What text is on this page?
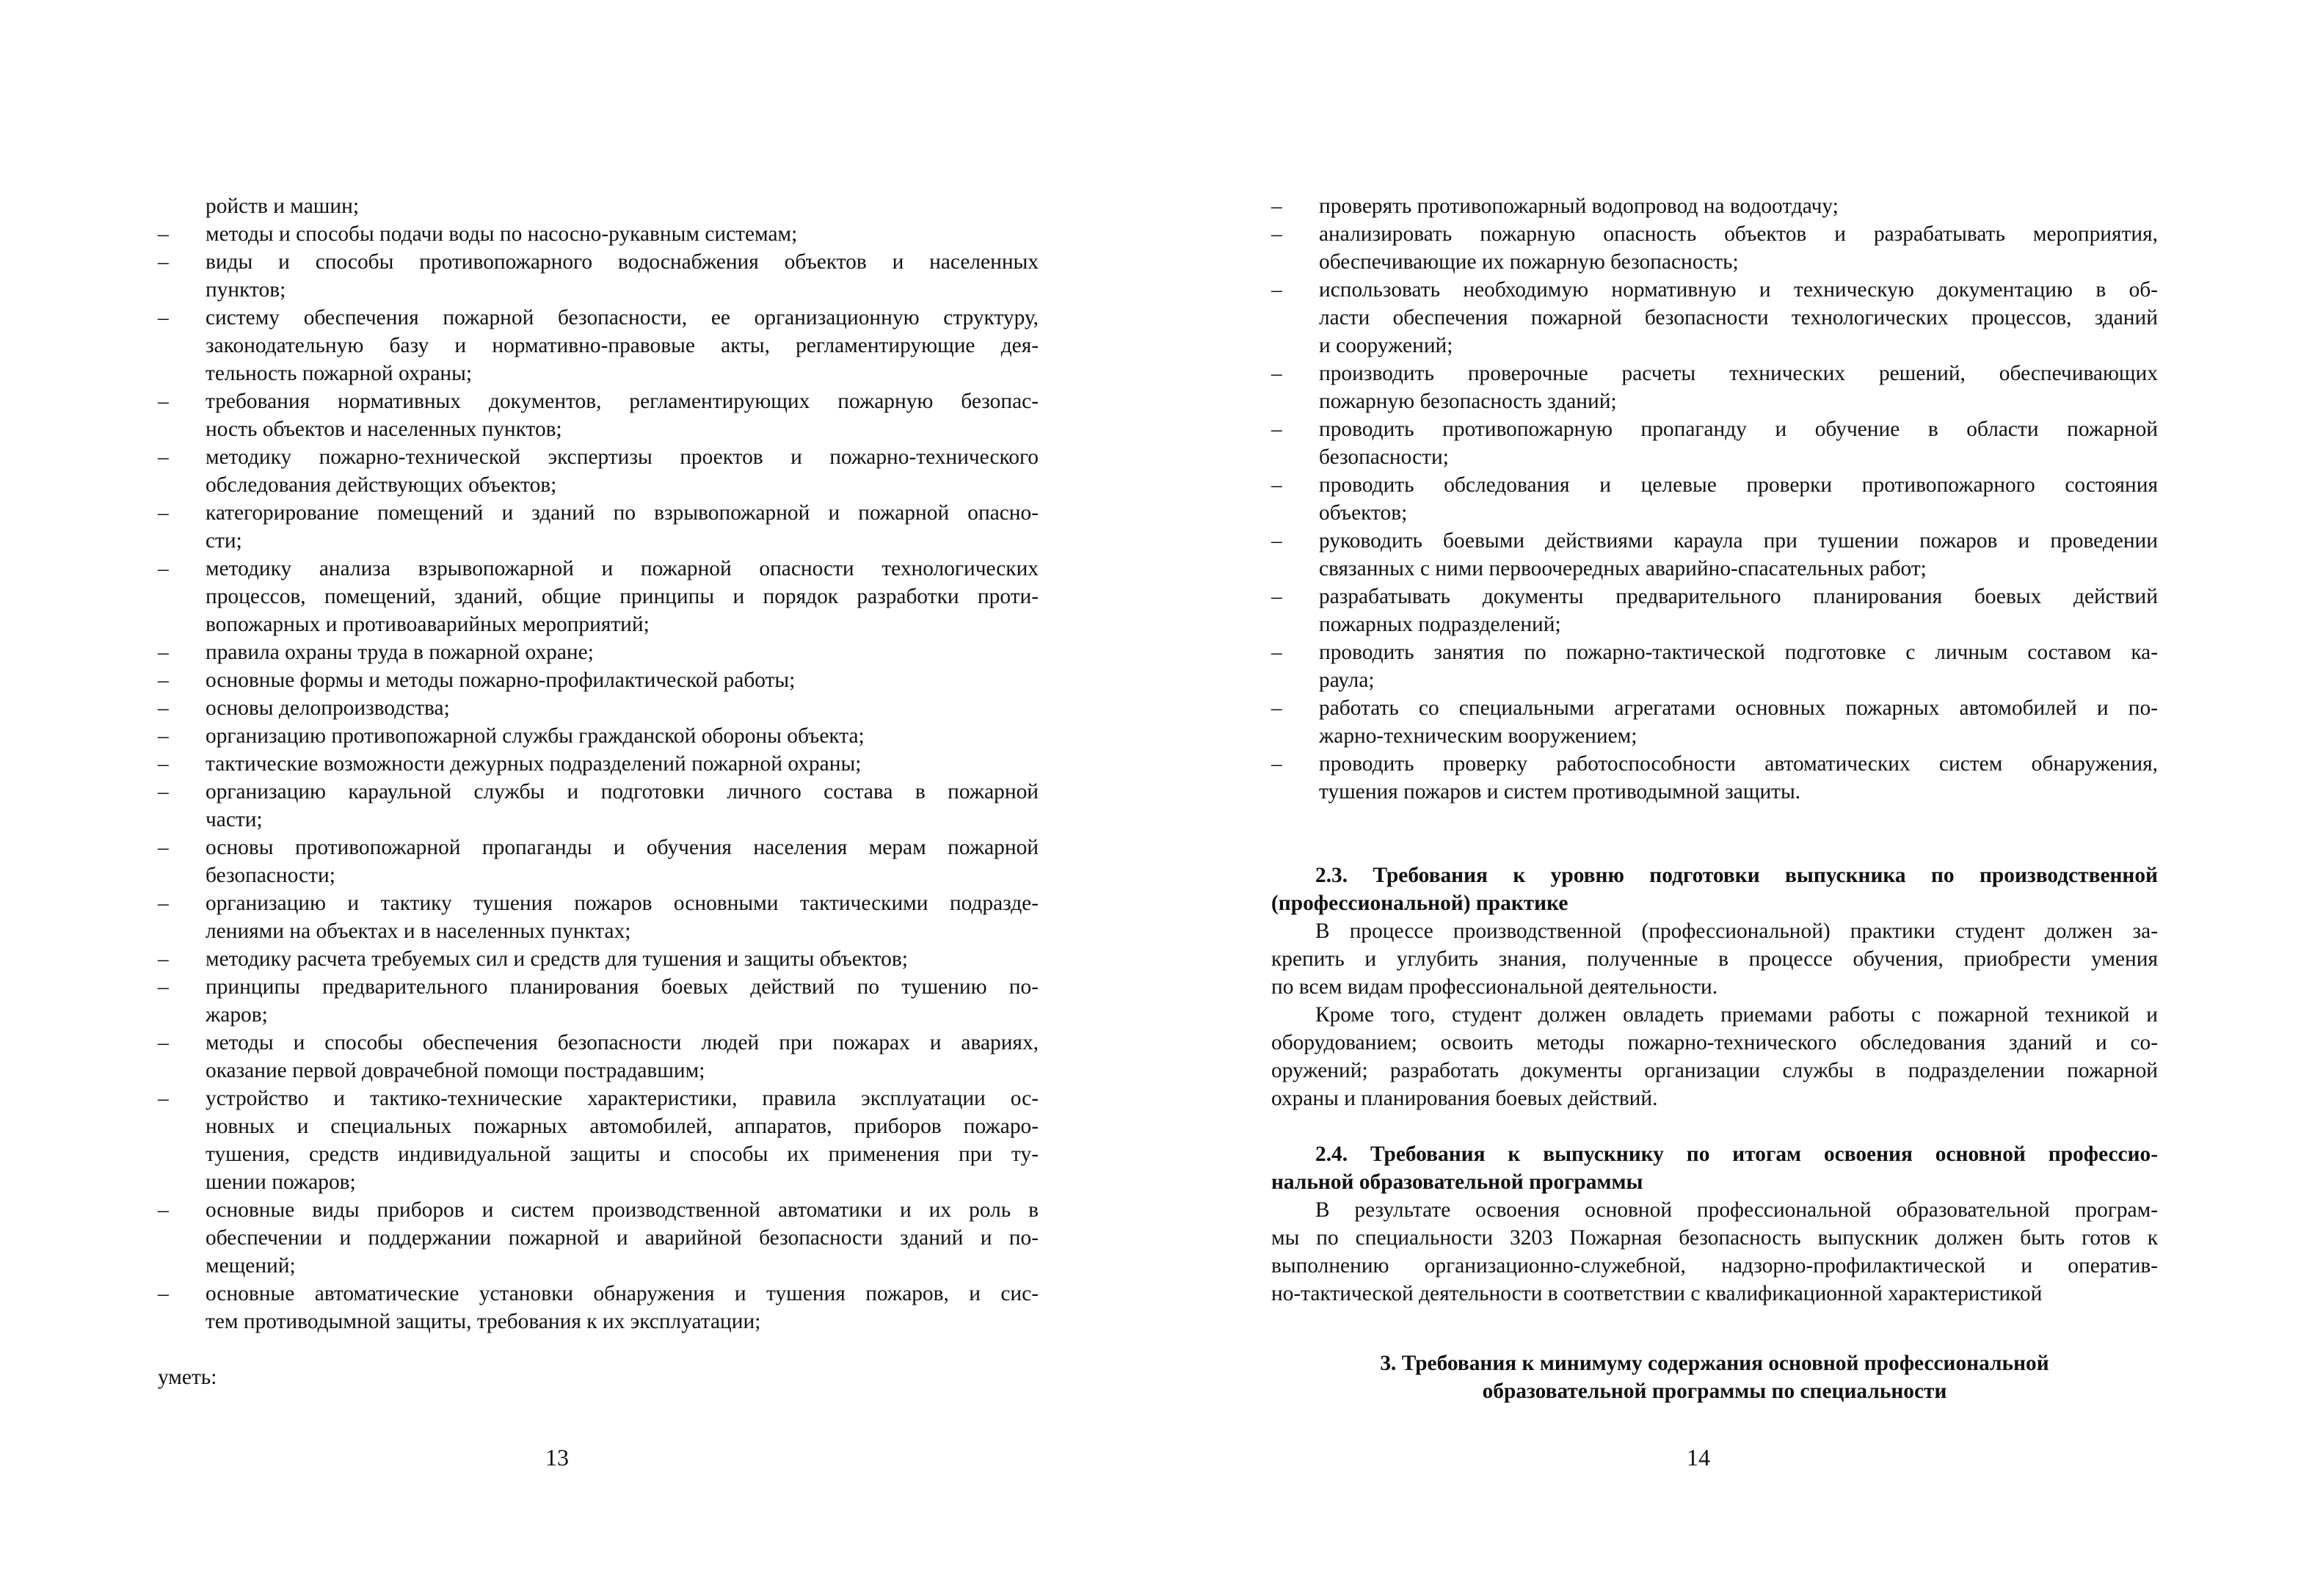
ройств и машин;
–	методы и способы подачи воды по насосно-рукавным системам;
–	виды и способы противопожарного водоснабжения объектов и населенных
пунктов;
–	систему обеспечения пожарной безопасности, ее организационную структуру,
законодательную базу и нормативно-правовые акты, регламентирующие дея-
тельность пожарной охраны;
–	требования нормативных документов, регламентирующих пожарную безопас-
ность объектов и населенных пунктов;
–	методику пожарно-технической экспертизы проектов и пожарно-технического
обследования действующих объектов;
–	категорирование помещений и зданий по взрывопожарной и пожарной опасно-
сти;
–	методику анализа взрывопожарной и пожарной опасности технологических
процессов, помещений, зданий, общие принципы и порядок разработки проти-
вопожарных и противоаварийных мероприятий;
–	правила охраны труда в пожарной охране;
–	основные формы и методы пожарно-профилактической работы;
–	основы делопроизводства;
–	организацию противопожарной службы гражданской обороны объекта;
–	тактические возможности дежурных подразделений пожарной охраны;
–	организацию караульной службы и подготовки личного состава в пожарной
части;
–	основы противопожарной пропаганды и обучения населения мерам пожарной
безопасности;
–	организацию и тактику тушения пожаров основными тактическими подразде-
лениями на объектах и в населенных пунктах;
–	методику расчета требуемых сил и средств для тушения и защиты объектов;
–	принципы предварительного планирования боевых действий по тушению по-
жаров;
–	методы и способы обеспечения безопасности людей при пожарах и авариях,
оказание первой доврачебной помощи пострадавшим;
–	устройство и тактико-технические характеристики, правила эксплуатации ос-
новных и специальных пожарных автомобилей, аппаратов, приборов пожаро-
тушения, средств индивидуальной защиты и способы их применения при ту-
шении пожаров;
–	основные виды приборов и систем производственной автоматики и их роль в
обеспечении и поддержании пожарной и аварийной безопасности зданий и по-
мещений;
–	основные автоматические установки обнаружения и тушения пожаров, и сис-
тем противодымной защиты, требования к их эксплуатации;
уметь:
13
–	проверять противопожарный водопровод на водоотдачу;
–	анализировать пожарную опасность объектов и разрабатывать мероприятия,
обеспечивающие их пожарную безопасность;
–	использовать необходимую нормативную и техническую документацию в об-
ласти обеспечения пожарной безопасности технологических процессов, зданий
и сооружений;
–	производить проверочные расчеты технических решений, обеспечивающих
пожарную безопасность зданий;
–	проводить противопожарную пропаганду и обучение в области пожарной
безопасности;
–	проводить обследования и целевые проверки противопожарного состояния
объектов;
–	руководить боевыми действиями караула при тушении пожаров и проведении
связанных с ними первоочередных аварийно-спасательных работ;
–	разрабатывать документы предварительного планирования боевых действий
пожарных подразделений;
–	проводить занятия по пожарно-тактической подготовке с личным составом ка-
раула;
–	работать со специальными агрегатами основных пожарных автомобилей и по-
жарно-техническим вооружением;
–	проводить проверку работоспособности автоматических систем обнаружения,
тушения пожаров и систем противодымной защиты.
2.3. Требования к уровню подготовки выпускника по производственной
(профессиональной) практике
В процессе производственной (профессиональной) практики студент должен за-
крепить и углубить знания, полученные в процессе обучения, приобрести умения
по всем видам профессиональной деятельности.
Кроме того, студент должен овладеть приемами работы с пожарной техникой и
оборудованием; освоить методы пожарно-технического обследования зданий и со-
оружений; разработать документы организации службы в подразделении пожарной
охраны и планирования боевых действий.
2.4. Требования к выпускнику по итогам освоения основной профессио-
нальной образовательной программы
В результате освоения основной профессиональной образовательной програм-
мы по специальности 3203 Пожарная безопасность выпускник должен быть готов к
выполнению организационно-служебной, надзорно-профилактической и оператив-
но-тактической деятельности в соответствии с квалификационной характеристикой
3. Требования к минимуму содержания основной профессиональной
образовательной программы по специальности
14
